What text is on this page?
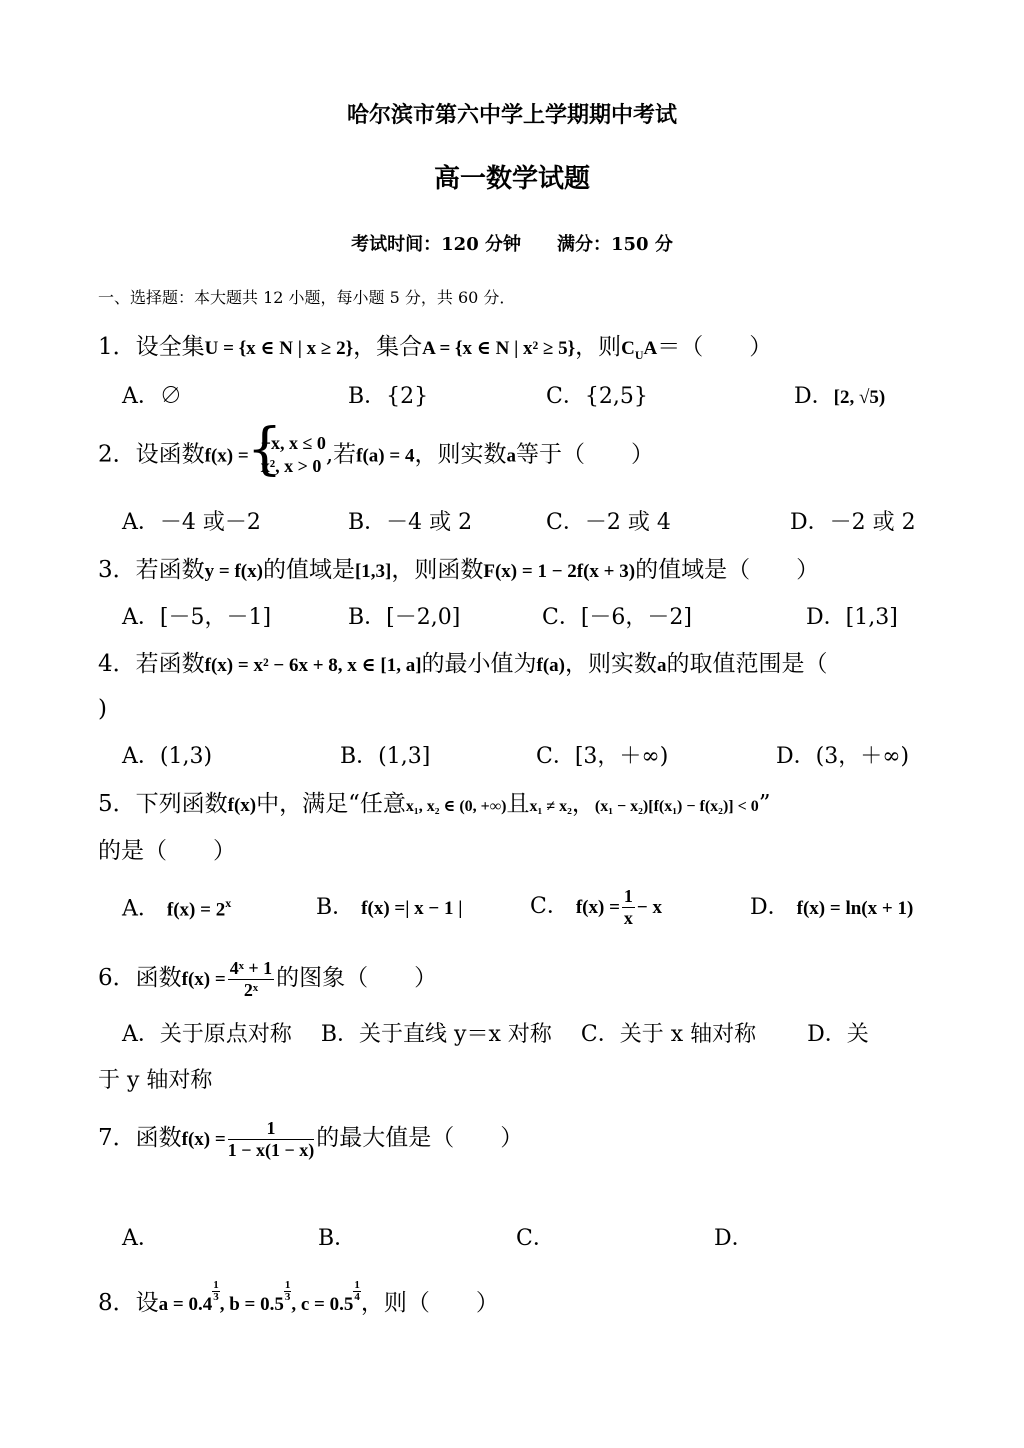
哈尔滨市第六中学上学期期中考试
高一数学试题
考试时间：120 分钟　　满分：150 分
一、选择题：本大题共 12 小题，每小题 5 分，共 60 分．
1．设全集U = {x ∈ N | x ≥ 2}，集合A = {x ∈ N | x² ≥ 5}，则$C_UA=$（　　）
A．∅	B．{2}	C．{2,5}	D．[2, √5)
2．设函数f(x) =
{ −x, x ≤ 0
x², x > 0 ,若f(a) = 4，则实数a等于（　　）
A．－4 或－2	B．－4 或 2	C．－2 或 4	D．－2 或 2
3．若函数y = f(x)的值域是[1,3]，则函数F(x) = 1 − 2f(x + 3)的值域是（　　）
A．[－5，－1]	B．[－2,0]	C．[－6，－2]	D．[1,3]
4．若函数f(x) = x² − 6x + 8, x ∈ [1, a]的最小值为f(a)，则实数a的取值范围是（
)
A．(1,3)	B．(1,3]	C．[3，＋∞)	D．(3，＋∞)
5．下列函数f(x)中，满足“任意x₁, x₂ ∈ (0, +∞)且x₁ ≠ x₂，(x₁ − x₂)[f(x₁) − f(x₂)] < 0”
的是（　　）
A． $f(x) = 2^x$	B． f(x) =| x − 1 |	C． $f(x) = \frac{1}{x} - x$	D． f(x) = ln(x + 1)
6．函数$f(x) = \frac{\text{4ˣ + 1}}{\text{2ˣ}}$ 的图象（　　）
A．关于原点对称　 B．关于直线 y＝x 对称　 C．关于 x 轴对称　　 D．关
于 y 轴对称
7．函数$f(x) = \frac{1}{1 - x(1 - x)}$ 的最大值是（　　）
A．	B．	C．	D．
8．设a = 0.4
$\frac{1}{3}$
, b = 0.5
$\frac{1}{3}$
, c = 0.5
$\frac{1}{4}$ ，则（　　）
